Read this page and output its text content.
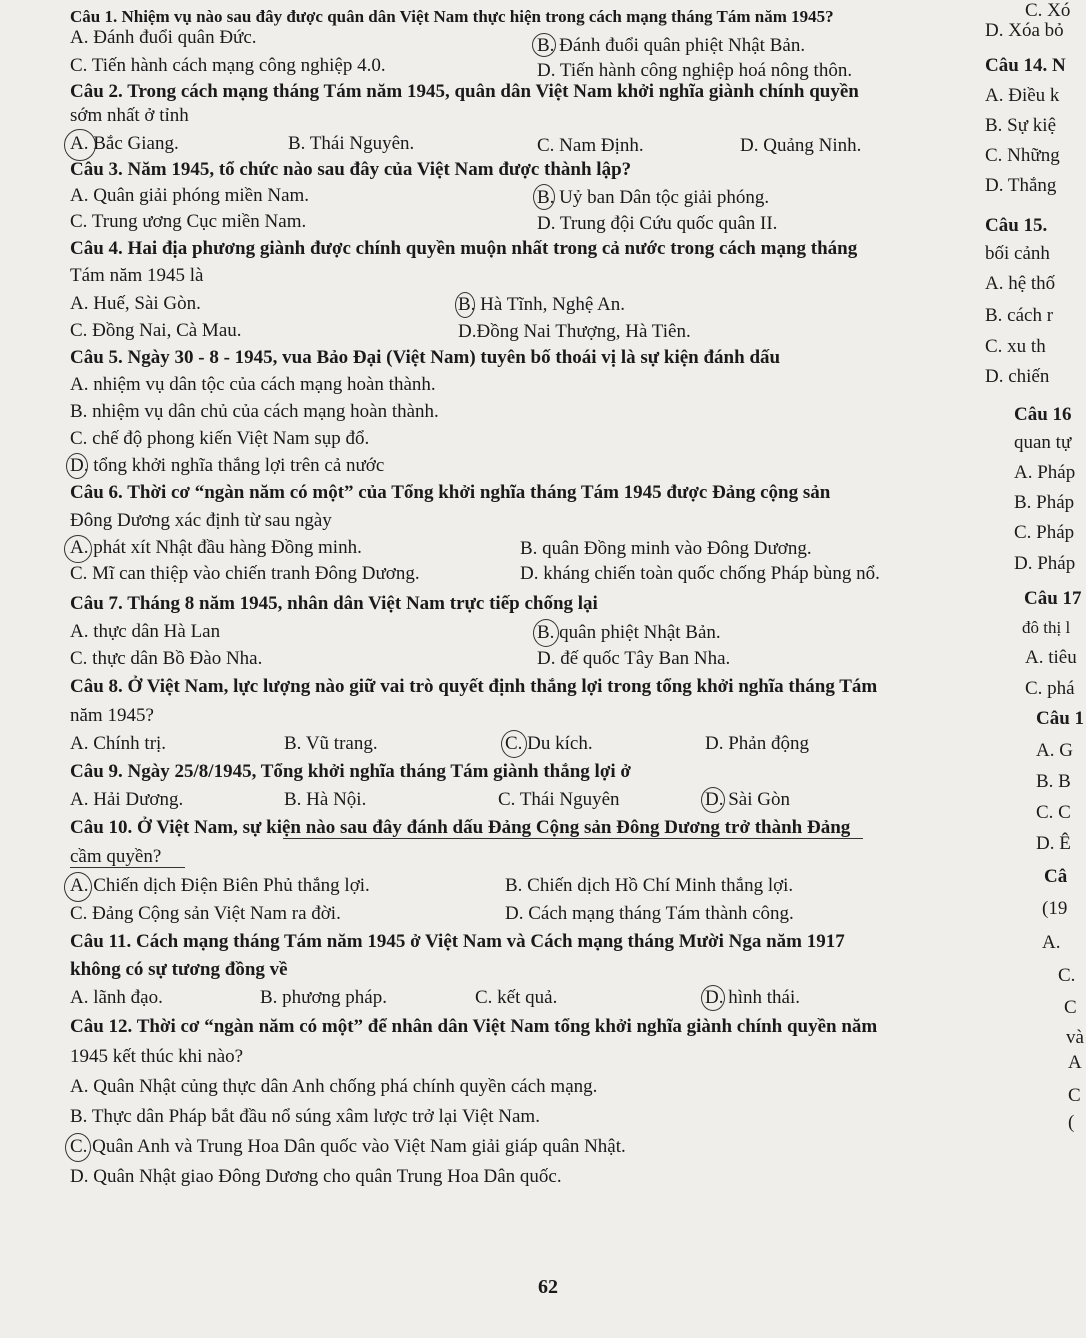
Câu 1. Nhiệm vụ nào sau đây được quân dân Việt Nam thực hiện trong cách mạng tháng Tám năm 1945?
A. Đánh đuổi quân Đức.	B. Đánh đuổi quân phiệt Nhật Bản.
C. Tiến hành cách mạng công nghiệp 4.0.	D. Tiến hành công nghiệp hoá nông thôn.
Câu 2. Trong cách mạng tháng Tám năm 1945, quân dân Việt Nam khởi nghĩa giành chính quyền
sớm nhất ở tỉnh
A. Bắc Giang.	B. Thái Nguyên.	C. Nam Định.	D. Quảng Ninh.
Câu 3. Năm 1945, tổ chức nào sau đây của Việt Nam được thành lập?
A. Quân giải phóng miền Nam.	B. Uỷ ban Dân tộc giải phóng.
C. Trung ương Cục miền Nam.	D. Trung đội Cứu quốc quân II.
Câu 4. Hai địa phương giành được chính quyền muộn nhất trong cả nước trong cách mạng tháng
Tám năm 1945 là
A. Huế, Sài Gòn.	B. Hà Tĩnh, Nghệ An.
C. Đồng Nai, Cà Mau.	D.Đồng Nai Thượng, Hà Tiên.
Câu 5. Ngày 30 - 8 - 1945, vua Bảo Đại (Việt Nam) tuyên bố thoái vị là sự kiện đánh dấu
A. nhiệm vụ dân tộc của cách mạng hoàn thành.
B. nhiệm vụ dân chủ của cách mạng hoàn thành.
C. chế độ phong kiến Việt Nam sụp đổ.
D. tổng khởi nghĩa thắng lợi trên cả nước
Câu 6. Thời cơ “ngàn năm có một” của Tổng khởi nghĩa tháng Tám 1945 được Đảng cộng sản
Đông Dương xác định từ sau ngày
A. phát xít Nhật đầu hàng Đồng minh.	B. quân Đồng minh vào Đông Dương.
C. Mĩ can thiệp vào chiến tranh Đông Dương.	D. kháng chiến toàn quốc chống Pháp bùng nổ.
Câu 7. Tháng 8 năm 1945, nhân dân Việt Nam trực tiếp chống lại
A. thực dân Hà Lan	B. quân phiệt Nhật Bản.
C. thực dân Bồ Đào Nha.	D. đế quốc Tây Ban Nha.
Câu 8. Ở Việt Nam, lực lượng nào giữ vai trò quyết định thắng lợi trong tổng khởi nghĩa tháng Tám
năm 1945?
A. Chính trị.	B. Vũ trang.	C. Du kích.	D. Phản động
Câu 9. Ngày 25/8/1945, Tổng khởi nghĩa tháng Tám giành thắng lợi ở
A. Hải Dương.	B. Hà Nội.	C. Thái Nguyên	D. Sài Gòn
Câu 10. Ở Việt Nam, sự kiện nào sau đây đánh dấu Đảng Cộng sản Đông Dương trở thành Đảng
cầm quyền?
A. Chiến dịch Điện Biên Phủ thắng lợi.	B. Chiến dịch Hồ Chí Minh thắng lợi.
C. Đảng Cộng sản Việt Nam ra đời.	D. Cách mạng tháng Tám thành công.
Câu 11. Cách mạng tháng Tám năm 1945 ở Việt Nam và Cách mạng tháng Mười Nga năm 1917
không có sự tương đồng về
A. lãnh đạo.	B. phương pháp.	C. kết quả.	D. hình thái.
Câu 12. Thời cơ “ngàn năm có một” để nhân dân Việt Nam tổng khởi nghĩa giành chính quyền năm
1945 kết thúc khi nào?
A. Quân Nhật củng thực dân Anh chống phá chính quyền cách mạng.
B. Thực dân Pháp bắt đầu nổ súng xâm lược trở lại Việt Nam.
C. Quân Anh và Trung Hoa Dân quốc vào Việt Nam giải giáp quân Nhật.
D. Quân Nhật giao Đông Dương cho quân Trung Hoa Dân quốc.
C. Xó
D. Xóa bỏ
Câu 14. N
A. Điều k
B. Sự kiệ
C. Những
D. Thắng
Câu 15.
bối cảnh
A. hệ thố
B. cách r
C. xu th
D. chiến
Câu 16
quan tự
A. Pháp
B. Pháp
C. Pháp
D. Pháp
Câu 17
đô thị l
A. tiêu
C. phá
Câu 1
A. G
B. B
C. C
D. Ê
Câ
(19
A.
C.
C
và
A
C
(
62
